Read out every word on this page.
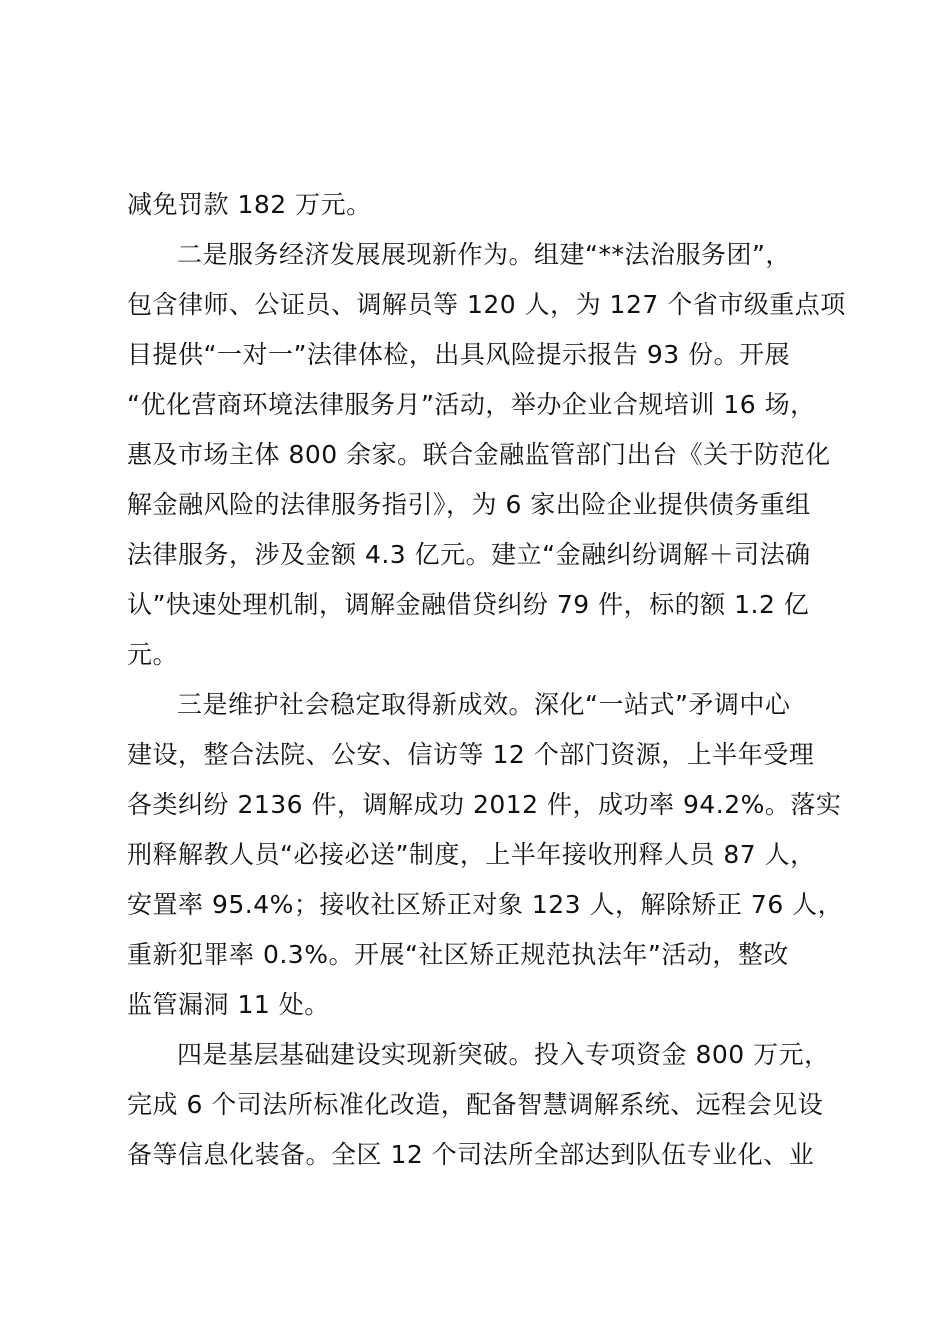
减免罚款 182 万元。
二是服务经济发展展现新作为。组建“**法治服务团”，
包含律师、公证员、调解员等 120 人，为 127 个省市级重点项
目提供“一对一”法律体检，出具风险提示报告 93 份。开展
“优化营商环境法律服务月”活动，举办企业合规培训 16 场，
惠及市场主体 800 余家。联合金融监管部门出台《关于防范化
解金融风险的法律服务指引》，为 6 家出险企业提供债务重组
法律服务，涉及金额 4.3 亿元。建立“金融纠纷调解＋司法确
认”快速处理机制，调解金融借贷纠纷 79 件，标的额 1.2 亿
元。
三是维护社会稳定取得新成效。深化“一站式”矛调中心
建设，整合法院、公安、信访等 12 个部门资源，上半年受理
各类纠纷 2136 件，调解成功 2012 件，成功率 94.2%。落实
刑释解教人员“必接必送”制度，上半年接收刑释人员 87 人，
安置率 95.4%；接收社区矫正对象 123 人，解除矫正 76 人，
重新犯罪率 0.3%。开展“社区矫正规范执法年”活动，整改
监管漏洞 11 处。
四是基层基础建设实现新突破。投入专项资金 800 万元，
完成 6 个司法所标准化改造，配备智慧调解系统、远程会见设
备等信息化装备。全区 12 个司法所全部达到队伍专业化、业
